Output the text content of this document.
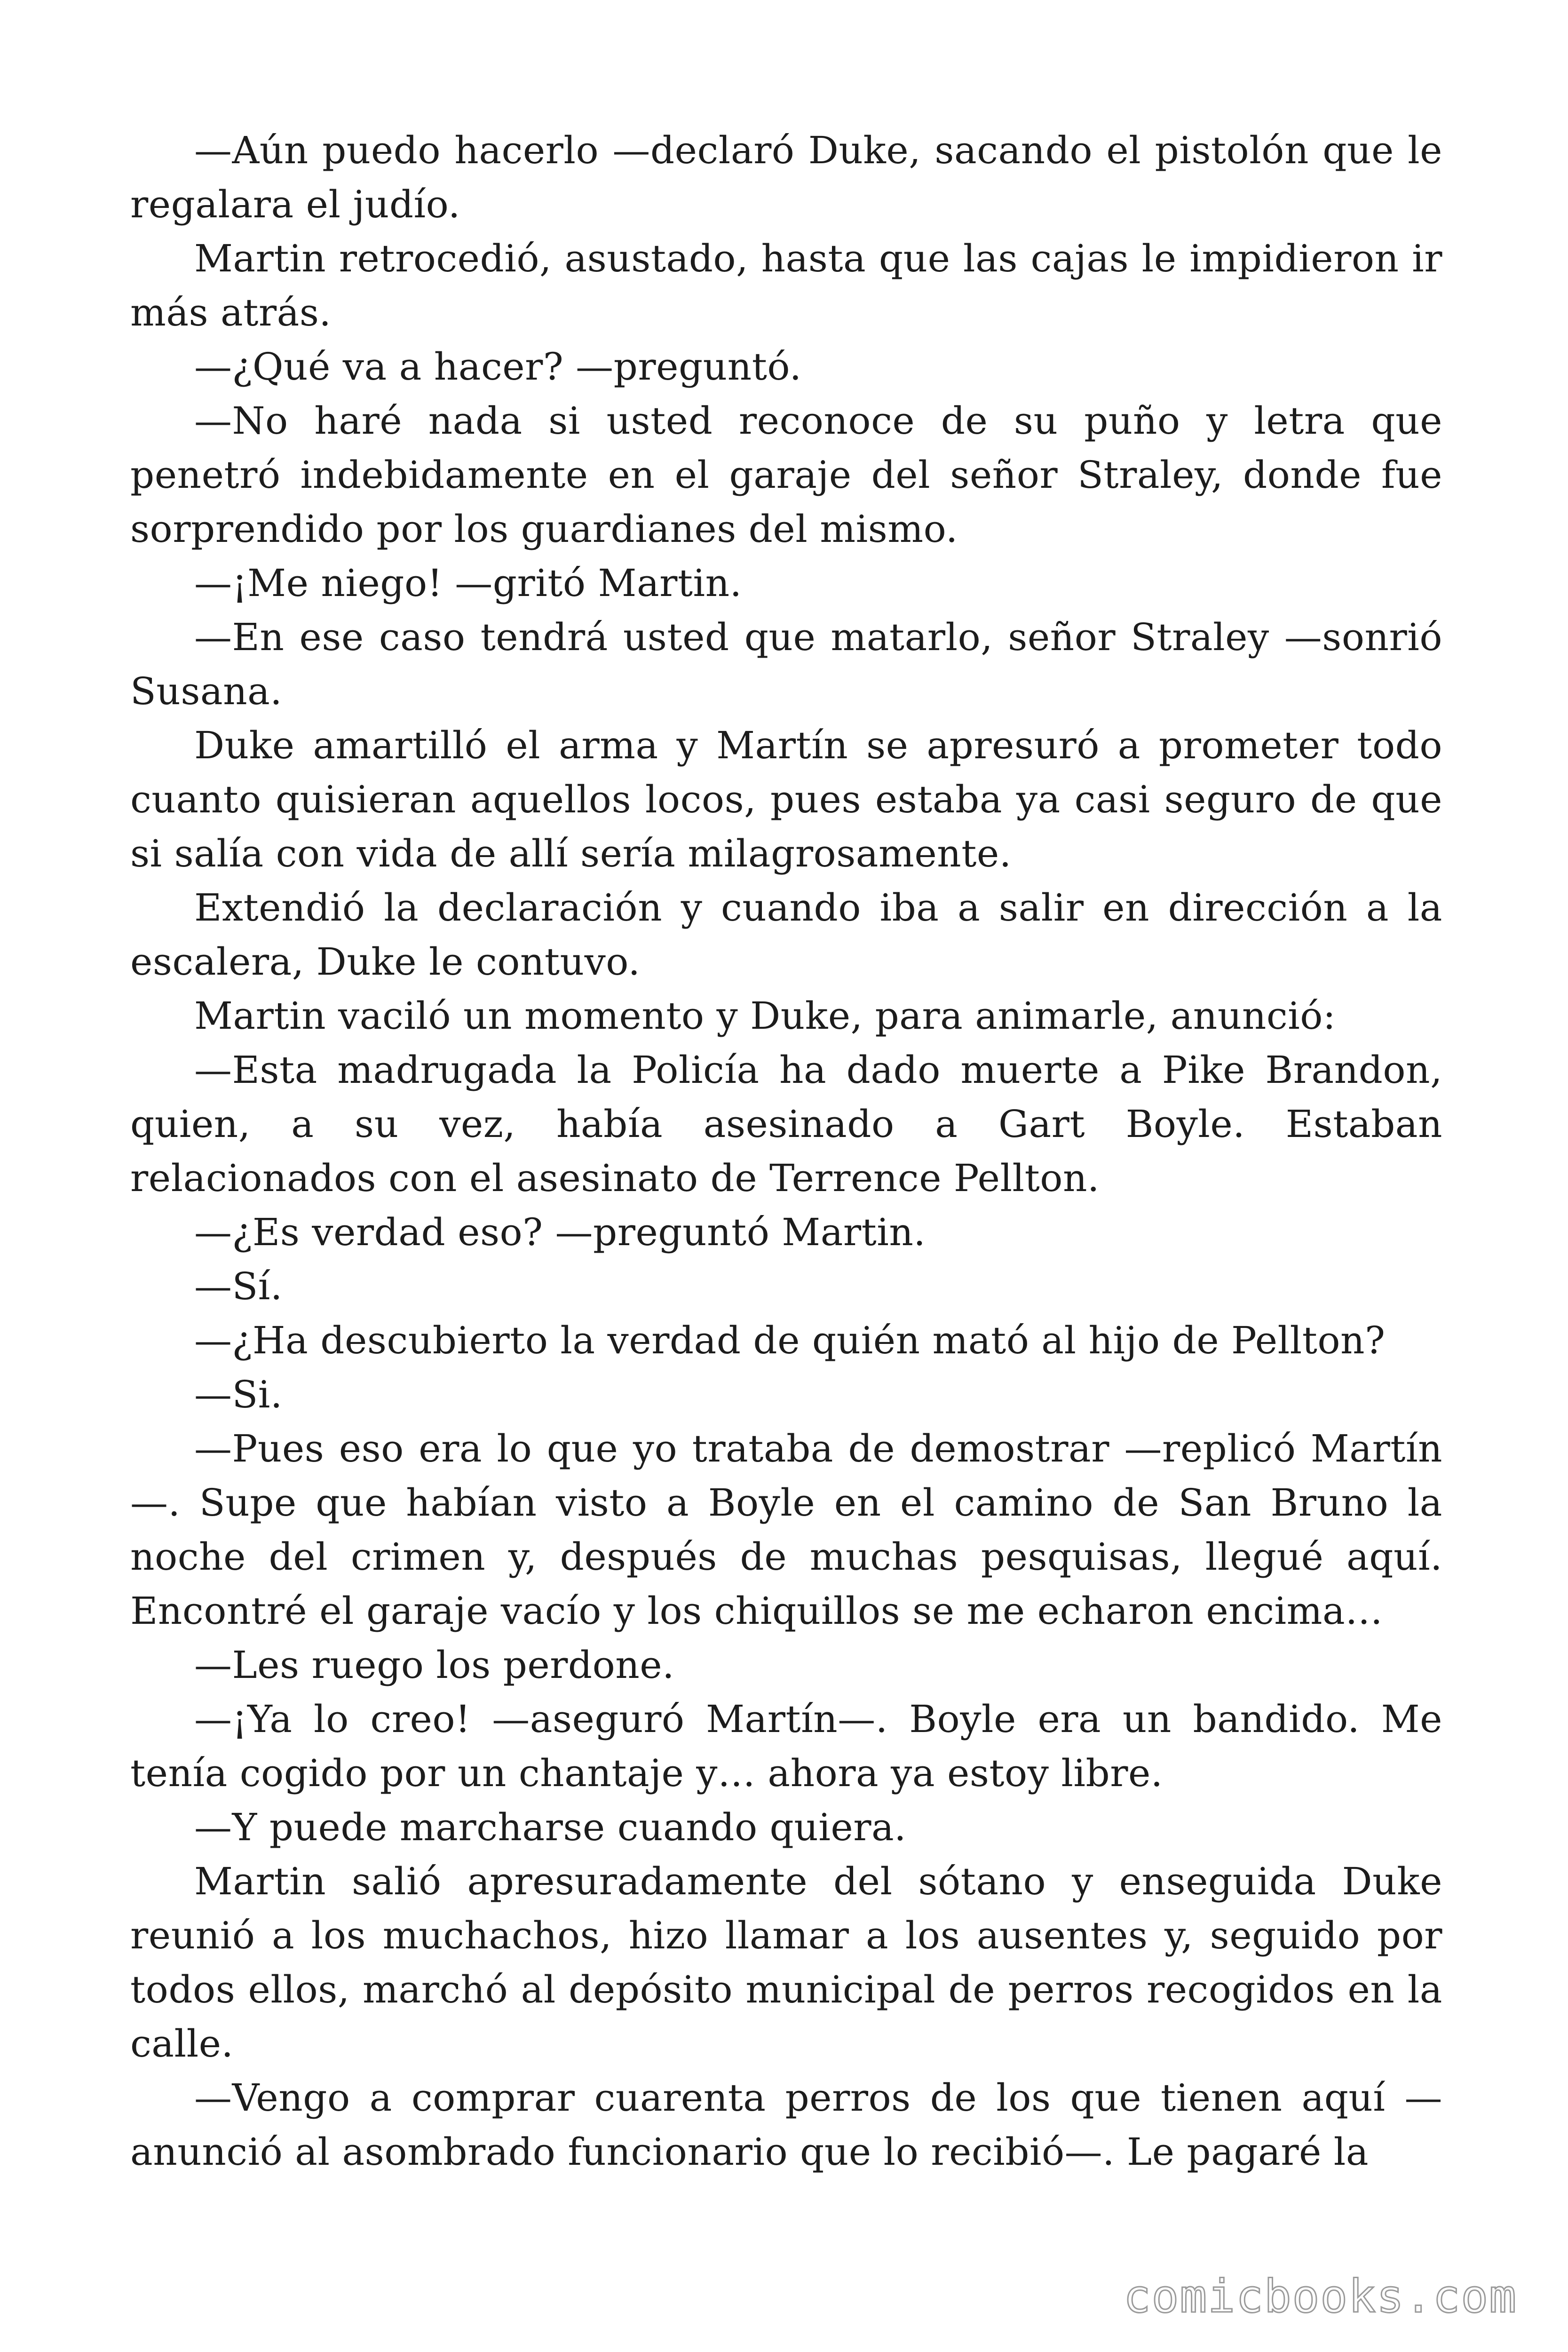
—Aún puedo hacerlo —declaró Duke, sacando el pistolón que le regalara el judío.

Martin retrocedió, asustado, hasta que las cajas le impidieron ir más atrás.

—¿Qué va a hacer? —preguntó.

—No haré nada si usted reconoce de su puño y letra que penetró indebidamente en el garaje del señor Straley, donde fue sorprendido por los guardianes del mismo.

—¡Me niego! —gritó Martin.

—En ese caso tendrá usted que matarlo, señor Straley —sonrió Susana.

Duke amartilló el arma y Martín se apresuró a prometer todo cuanto quisieran aquellos locos, pues estaba ya casi seguro de que si salía con vida de allí sería milagrosamente.

Extendió la declaración y cuando iba a salir en dirección a la escalera, Duke le contuvo.

Martin vaciló un momento y Duke, para animarle, anunció:

—Esta madrugada la Policía ha dado muerte a Pike Brandon, quien, a su vez, había asesinado a Gart Boyle. Estaban relacionados con el asesinato de Terrence Pellton.

—¿Es verdad eso? —preguntó Martin.

—Sí.

—¿Ha descubierto la verdad de quién mató al hijo de Pellton?

—Si.

—Pues eso era lo que yo trataba de demostrar —replicó Martín —. Supe que habían visto a Boyle en el camino de San Bruno la noche del crimen y, después de muchas pesquisas, llegué aquí. Encontré el garaje vacío y los chiquillos se me echaron encima…

—Les ruego los perdone.

—¡Ya lo creo! —aseguró Martín—. Boyle era un bandido. Me tenía cogido por un chantaje y… ahora ya estoy libre.

—Y puede marcharse cuando quiera.

Martin salió apresuradamente del sótano y enseguida Duke reunió a los muchachos, hizo llamar a los ausentes y, seguido por todos ellos, marchó al depósito municipal de perros recogidos en la calle.

—Vengo a comprar cuarenta perros de los que tienen aquí — anunció al asombrado funcionario que lo recibió—. Le pagaré la

comicbooks.com
